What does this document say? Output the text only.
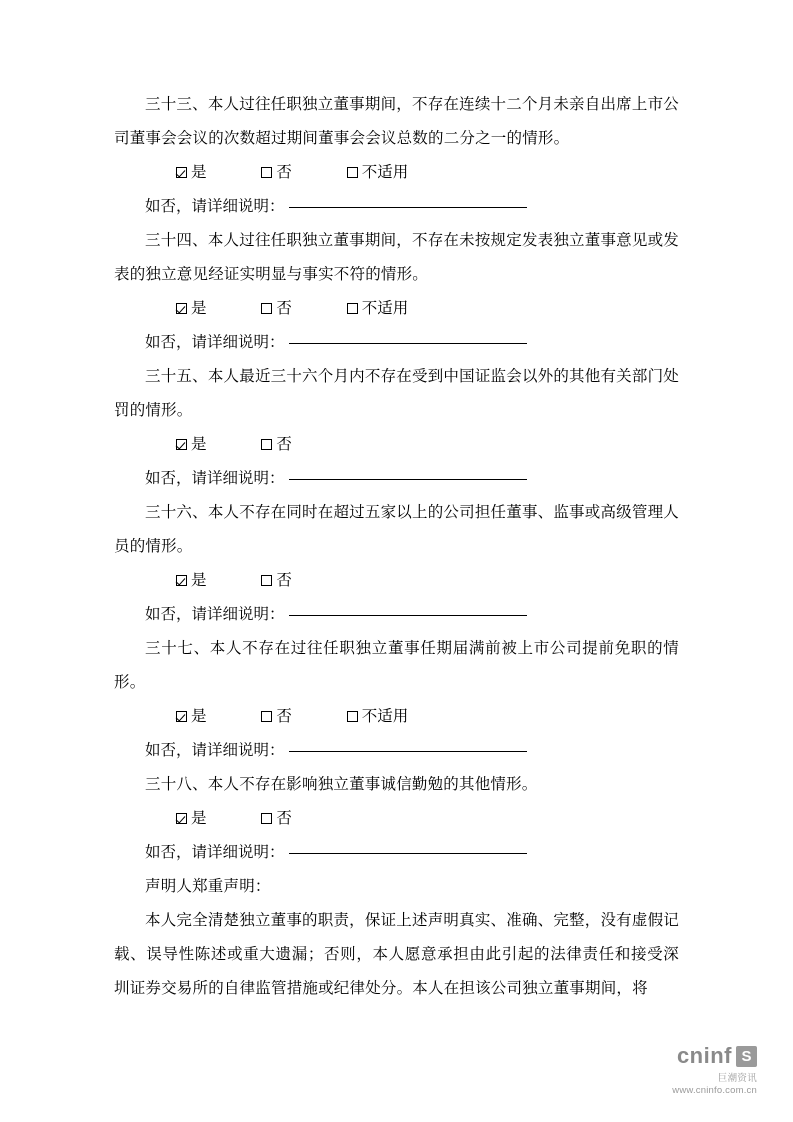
三十三、本人过往任职独立董事期间，不存在连续十二个月未亲自出席上市公司董事会会议的次数超过期间董事会会议总数的二分之一的情形。

是	否	不适用

如否，请详细说明：

三十四、本人过往任职独立董事期间，不存在未按规定发表独立董事意见或发表的独立意见经证实明显与事实不符的情形。

是	否	不适用

如否，请详细说明：

三十五、本人最近三十六个月内不存在受到中国证监会以外的其他有关部门处罚的情形。

是	否

如否，请详细说明：

三十六、本人不存在同时在超过五家以上的公司担任董事、监事或高级管理人员的情形。

是	否

如否，请详细说明：

三十七、本人不存在过往任职独立董事任期届满前被上市公司提前免职的情形。

是	否	不适用

如否，请详细说明：

三十八、本人不存在影响独立董事诚信勤勉的其他情形。

是	否

如否，请详细说明：

声明人郑重声明：

本人完全清楚独立董事的职责，保证上述声明真实、准确、完整，没有虚假记载、误导性陈述或重大遗漏；否则，本人愿意承担由此引起的法律责任和接受深圳证券交易所的自律监管措施或纪律处分。本人在担该公司独立董事期间，将

cninf S
巨潮资讯
www.cninfo.com.cn
